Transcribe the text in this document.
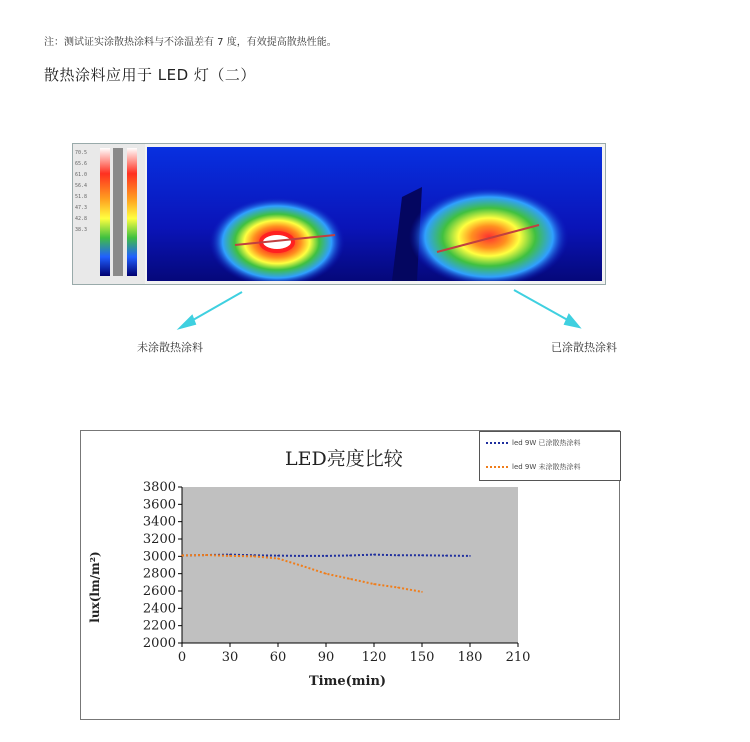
注：测试证实涂散热涂料与不涂温差有 7 度，有效提高散热性能。
散热涂料应用于 LED 灯（二）
70.5
65.6
61.0
56.4
51.8
47.3
42.8
38.3
未涂散热涂料	已涂散热涂料
LED亮度比较
led 9W 已涂散热涂料
led 9W 未涂散热涂料
2000
2200
2400
2600
2800
3000
3200
3400
3600
3800
0	30 60 90 120 150 180 210
lux(lm/m²)
Time(min)
